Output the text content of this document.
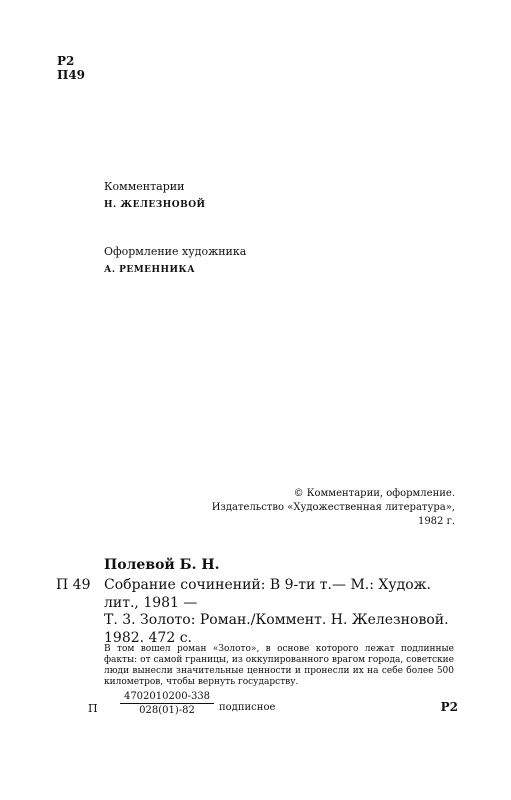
Р2
П49
Комментарии
Н. ЖЕЛЕЗНОВОЙ
Оформление художника
А. РЕМЕННИКА
© Комментарии, оформление.
Издательство «Художественная литература»,
1982 г.
Полевой Б. Н.
П 49 Собрание сочинений: В 9-ти т.— М.: Худож.
лит., 1981 —
Т. 3. Золото: Роман./Коммент. Н. Железновой.
1982. 472 с.
В том вошел роман «Золото», в основе которого лежат подлинные факты: от самой границы, из оккупированного врагом города, советские люди вынесли значительные ценности и пронесли их на себе более 500 километров, чтобы вернуть государству.
П
4702010200-338
028(01)-82	подписное	Р2
